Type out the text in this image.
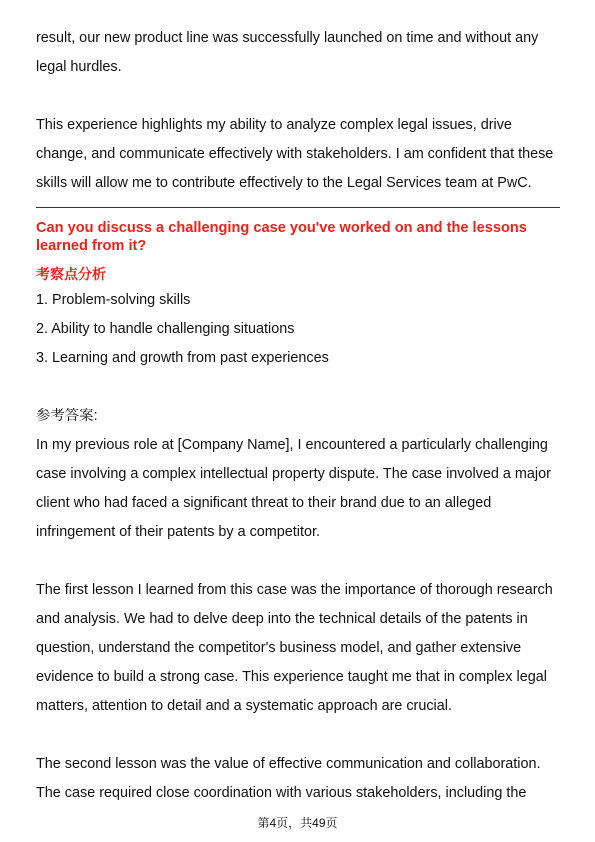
result, our new product line was successfully launched on time and without any
legal hurdles.
This experience highlights my ability to analyze complex legal issues, drive
change, and communicate effectively with stakeholders. I am confident that these
skills will allow me to contribute effectively to the Legal Services team at PwC.
Can you discuss a challenging case you've worked on and the lessons
learned from it?
考察点分析
1. Problem-solving skills
2. Ability to handle challenging situations
3. Learning and growth from past experiences
参考答案:
In my previous role at [Company Name], I encountered a particularly challenging
case involving a complex intellectual property dispute. The case involved a major
client who had faced a significant threat to their brand due to an alleged
infringement of their patents by a competitor.
The first lesson I learned from this case was the importance of thorough research
and analysis. We had to delve deep into the technical details of the patents in
question, understand the competitor's business model, and gather extensive
evidence to build a strong case. This experience taught me that in complex legal
matters, attention to detail and a systematic approach are crucial.
The second lesson was the value of effective communication and collaboration.
The case required close coordination with various stakeholders, including the
第4页，共49页
